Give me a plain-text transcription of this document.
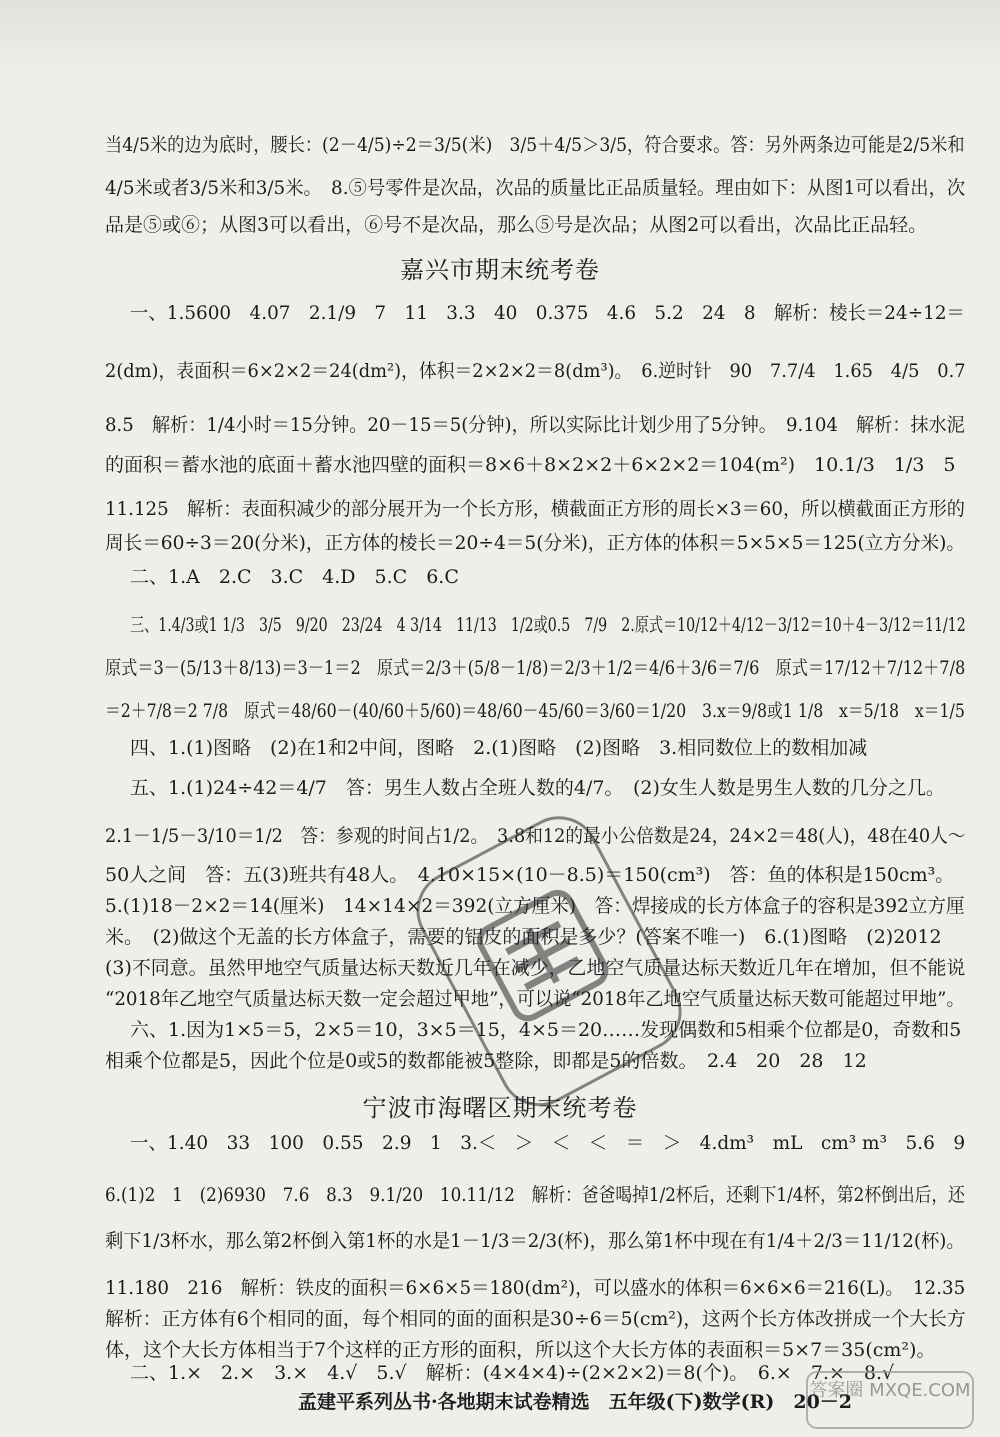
当4/5米的边为底时，腰长：(2－4/5)÷2＝3/5(米)　3/5＋4/5＞3/5，符合要求。答：另外两条边可能是2/5米和
4/5米或者3/5米和3/5米。　8.⑤号零件是次品，次品的质量比正品质量轻。理由如下：从图1可以看出，次
品是⑤或⑥；从图3可以看出，⑥号不是次品，那么⑤号是次品；从图2可以看出，次品比正品轻。
嘉兴市期末统考卷
一、1.5600　4.07　2.1/9　7　11　3.3　40　0.375　4.6　5.2　24　8　解析：棱长＝24÷12＝
2(dm)，表面积＝6×2×2＝24(dm²)，体积＝2×2×2＝8(dm³)。　6.逆时针　90　7.7/4　1.65　4/5　0.7
8.5　解析：1/4小时＝15分钟。20－15＝5(分钟)，所以实际比计划少用了5分钟。　9.104　解析：抹水泥
的面积＝蓄水池的底面＋蓄水池四壁的面积＝8×6＋8×2×2＋6×2×2＝104(m²)　10.1/3　1/3　5
11.125　解析：表面积减少的部分展开为一个长方形，横截面正方形的周长×3＝60，所以横截面正方形的
周长＝60÷3＝20(分米)，正方体的棱长＝20÷4＝5(分米)，正方体的体积＝5×5×5＝125(立方分米)。
二、1.A　2.C　3.C　4.D　5.C　6.C
三、1.4/3或1 1/3　3/5　9/20　23/24　4 3/14　11/13　1/2或0.5　7/9　2.原式＝10/12＋4/12－3/12＝10＋4－3/12＝11/12
原式＝3－(5/13＋8/13)＝3－1＝2　原式＝2/3＋(5/8－1/8)＝2/3＋1/2＝4/6＋3/6＝7/6　原式＝17/12＋7/12＋7/8
＝2＋7/8＝2 7/8　原式＝48/60－(40/60＋5/60)＝48/60－45/60＝3/60＝1/20　3.x＝9/8或1 1/8　x＝5/18　x＝1/5
四、1.(1)图略　(2)在1和2中间，图略　2.(1)图略　(2)图略　3.相同数位上的数相加减
五、1.(1)24÷42＝4/7　答：男生人数占全班人数的4/7。　(2)女生人数是男生人数的几分之几。
2.1－1/5－3/10＝1/2　答：参观的时间占1/2。　3.8和12的最小公倍数是24，24×2＝48(人)，48在40人～
50人之间　答：五(3)班共有48人。　4.10×15×(10－8.5)＝150(cm³)　答：鱼的体积是150cm³。
5.(1)18－2×2＝14(厘米)　14×14×2＝392(立方厘米)　答：焊接成的长方体盒子的容积是392立方厘
米。　(2)做这个无盖的长方体盒子，需要的铝皮的面积是多少？(答案不唯一)　6.(1)图略　(2)2012
(3)不同意。虽然甲地空气质量达标天数近几年在减少，乙地空气质量达标天数近几年在增加，但不能说
“2018年乙地空气质量达标天数一定会超过甲地”，可以说“2018年乙地空气质量达标天数可能超过甲地”。
六、1.因为1×5＝5，2×5＝10，3×5＝15，4×5＝20……发现偶数和5相乘个位都是0，奇数和5
相乘个位都是5，因此个位是0或5的数都能被5整除，即都是5的倍数。　2.4　20　28　12
宁波市海曙区期末统考卷
一、1.40　33　100　0.55　2.9　1　3.＜　＞　＜　＜　＝　＞　4.dm³　mL　cm³ m³　5.6　9
6.(1)2　1　(2)6930　7.6　8.3　9.1/20　10.11/12　解析：爸爸喝掉1/2杯后，还剩下1/4杯，第2杯倒出后，还
剩下1/3杯水，那么第2杯倒入第1杯的水是1－1/3＝2/3(杯)，那么第1杯中现在有1/4＋2/3＝11/12(杯)。
11.180　216　解析：铁皮的面积＝6×6×5＝180(dm²)，可以盛水的体积＝6×6×6＝216(L)。　12.35
解析：正方体有6个相同的面，每个相同的面的面积是30÷6＝5(cm²)，这两个长方体改拼成一个大长方
体，这个大长方体相当于7个这样的正方形的面积，所以这个大长方体的表面积＝5×7＝35(cm²)。
二、1.×　2.×　3.×　4.√　5.√　解析：(4×4×4)÷(2×2×2)＝8(个)。　6.×　7.×　8.√
答案圈 MXQE.COM
孟建平系列丛书·各地期末试卷精选　五年级(下)数学(R)　20－2
